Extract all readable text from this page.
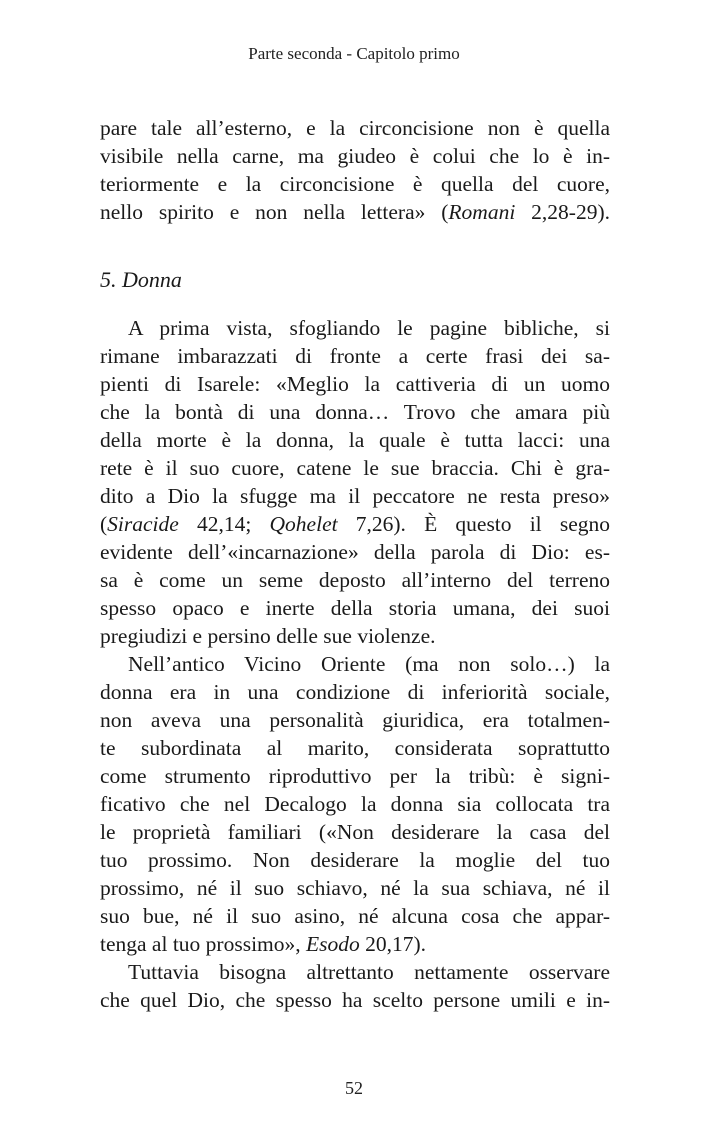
Parte seconda - Capitolo primo
pare tale all’esterno, e la circoncisione non è quella
visibile nella carne, ma giudeo è colui che lo è in-
teriormente e la circoncisione è quella del cuore,
nello spirito e non nella lettera» (Romani 2,28-29).
5. Donna
A prima vista, sfogliando le pagine bibliche, si
rimane imbarazzati di fronte a certe frasi dei sa-
pienti di Isarele: «Meglio la cattiveria di un uomo
che la bontà di una donna… Trovo che amara più
della morte è la donna, la quale è tutta lacci: una
rete è il suo cuore, catene le sue braccia. Chi è gra-
dito a Dio la sfugge ma il peccatore ne resta preso»
(Siracide 42,14; Qohelet 7,26). È questo il segno
evidente dell’«incarnazione» della parola di Dio: es-
sa è come un seme deposto all’interno del terreno
spesso opaco e inerte della storia umana, dei suoi
pregiudizi e persino delle sue violenze.
Nell’antico Vicino Oriente (ma non solo…) la
donna era in una condizione di inferiorità sociale,
non aveva una personalità giuridica, era totalmen-
te subordinata al marito, considerata soprattutto
come strumento riproduttivo per la tribù: è signi-
ficativo che nel Decalogo la donna sia collocata tra
le proprietà familiari («Non desiderare la casa del
tuo prossimo. Non desiderare la moglie del tuo
prossimo, né il suo schiavo, né la sua schiava, né il
suo bue, né il suo asino, né alcuna cosa che appar-
tenga al tuo prossimo», Esodo 20,17).
Tuttavia bisogna altrettanto nettamente osservare
che quel Dio, che spesso ha scelto persone umili e in-
52
